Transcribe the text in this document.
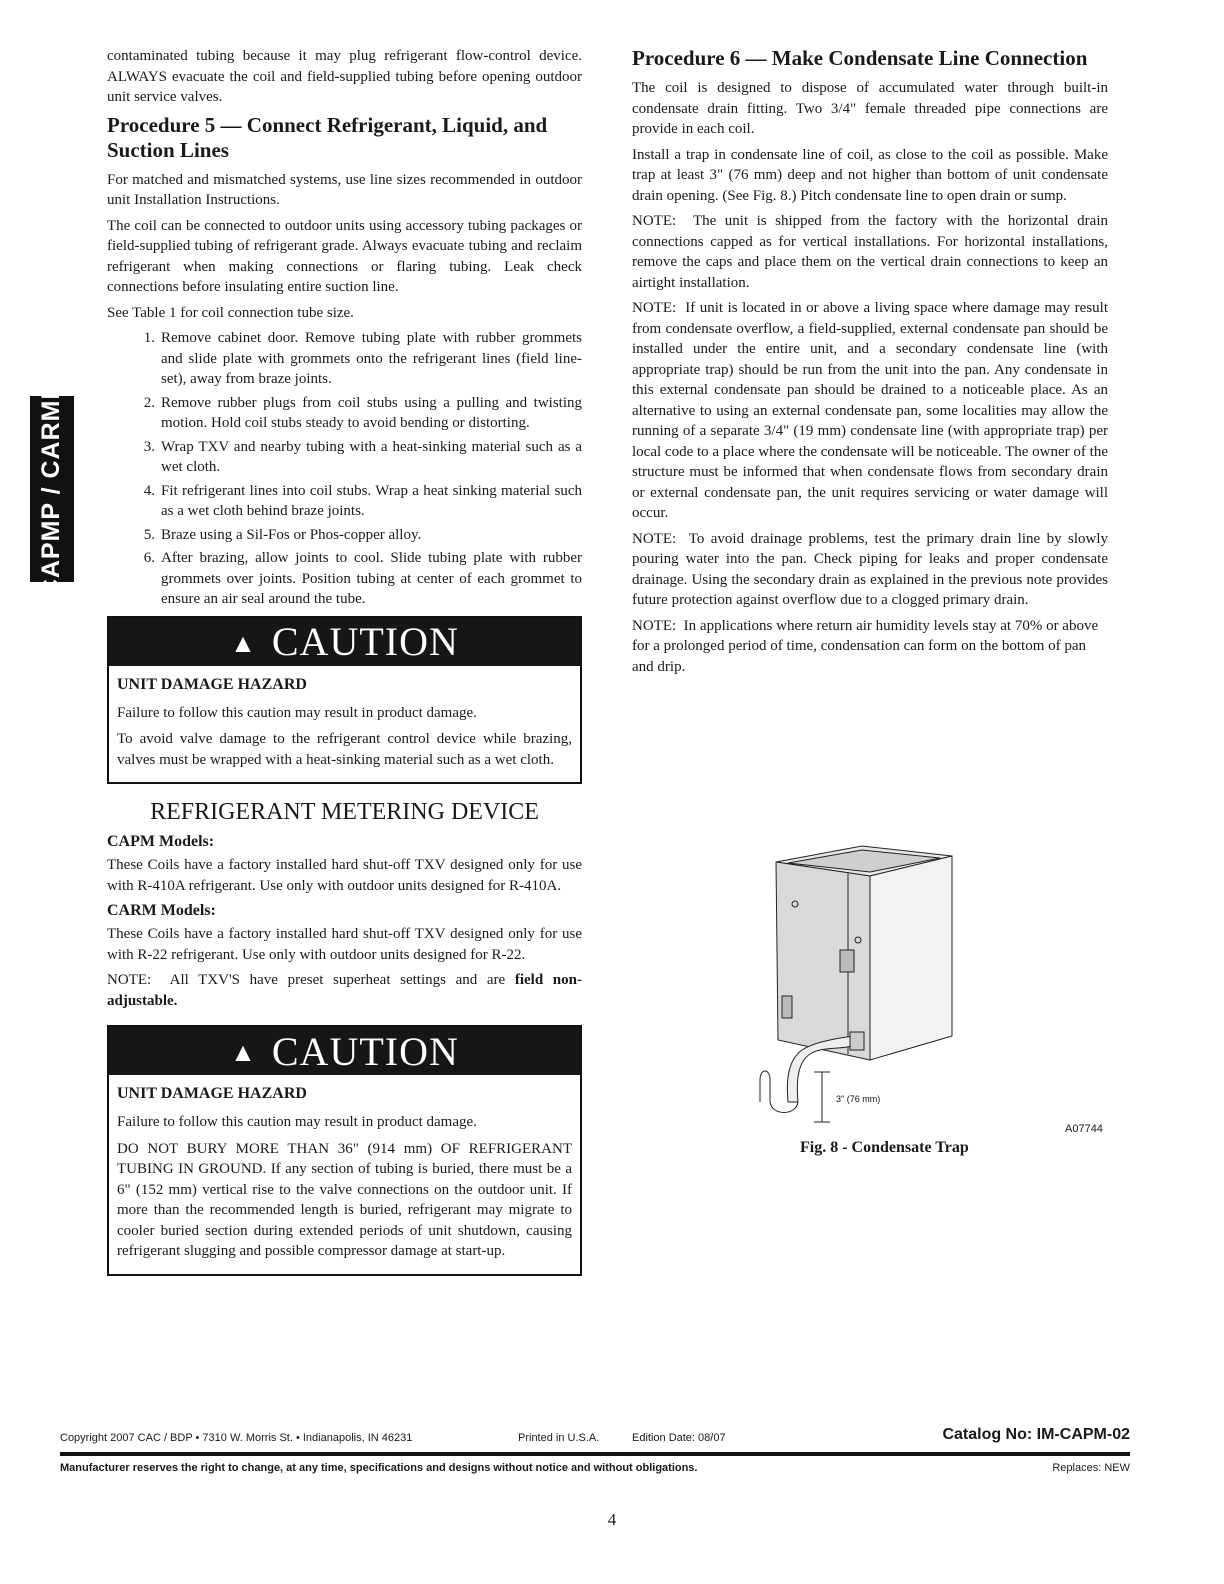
CAPMP / CARMP

contaminated tubing because it may plug refrigerant flow-control device. ALWAYS evacuate the coil and field-supplied tubing before opening outdoor unit service valves.

Procedure 5 — Connect Refrigerant, Liquid, and Suction Lines

For matched and mismatched systems, use line sizes recommended in outdoor unit Installation Instructions.

The coil can be connected to outdoor units using accessory tubing packages or field-supplied tubing of refrigerant grade. Always evacuate tubing and reclaim refrigerant when making connections or flaring tubing. Leak check connections before insulating entire suction line.

See Table 1 for coil connection tube size.

1. Remove cabinet door. Remove tubing plate with rubber grommets and slide plate with grommets onto the refrigerant lines (field line-set), away from braze joints.
2. Remove rubber plugs from coil stubs using a pulling and twisting motion. Hold coil stubs steady to avoid bending or distorting.
3. Wrap TXV and nearby tubing with a heat-sinking material such as a wet cloth.
4. Fit refrigerant lines into coil stubs. Wrap a heat sinking material such as a wet cloth behind braze joints.
5. Braze using a Sil-Fos or Phos-copper alloy.
6. After brazing, allow joints to cool. Slide tubing plate with rubber grommets over joints. Position tubing at center of each grommet to ensure an air seal around the tube.
▲ CAUTION
UNIT DAMAGE HAZARD

Failure to follow this caution may result in product damage.

To avoid valve damage to the refrigerant control device while brazing, valves must be wrapped with a heat-sinking material such as a wet cloth.

REFRIGERANT METERING DEVICE
CAPM Models:

These Coils have a factory installed hard shut-off TXV designed only for use with R-410A refrigerant. Use only with outdoor units designed for R-410A.

CARM Models:

These Coils have a factory installed hard shut-off TXV designed only for use with R-22 refrigerant. Use only with outdoor units designed for R-22.

NOTE: All TXV'S have preset superheat settings and are field non-adjustable.

▲ CAUTION
UNIT DAMAGE HAZARD

Failure to follow this caution may result in product damage.

DO NOT BURY MORE THAN 36" (914 mm) OF REFRIGERANT TUBING IN GROUND. If any section of tubing is buried, there must be a 6" (152 mm) vertical rise to the valve connections on the outdoor unit. If more than the recommended length is buried, refrigerant may migrate to cooler buried section during extended periods of unit shutdown, causing refrigerant slugging and possible compressor damage at start-up.

Procedure 6 — Make Condensate Line Connection

The coil is designed to dispose of accumulated water through built-in condensate drain fitting. Two 3/4" female threaded pipe connections are provide in each coil.

Install a trap in condensate line of coil, as close to the coil as possible. Make trap at least 3" (76 mm) deep and not higher than bottom of unit condensate drain opening. (See Fig. 8.) Pitch condensate line to open drain or sump.

NOTE: The unit is shipped from the factory with the horizontal drain connections capped as for vertical installations. For horizontal installations, remove the caps and place them on the vertical drain connections to keep an airtight installation.

NOTE: If unit is located in or above a living space where damage may result from condensate overflow, a field-supplied, external condensate pan should be installed under the entire unit, and a secondary condensate line (with appropriate trap) should be run from the unit into the pan. Any condensate in this external condensate pan should be drained to a noticeable place. As an alternative to using an external condensate pan, some localities may allow the running of a separate 3/4" (19 mm) condensate line (with appropriate trap) per local code to a place where the condensate will be noticeable. The owner of the structure must be informed that when condensate flows from secondary drain or external condensate pan, the unit requires servicing or water damage will occur.

NOTE: To avoid drainage problems, test the primary drain line by slowly pouring water into the pan. Check piping for leaks and proper condensate drainage. Using the secondary drain as explained in the previous note provides future protection against overflow due to a clogged primary drain.

NOTE: In applications where return air humidity levels stay at 70% or above for a prolonged period of time, condensation can form on the bottom of pan and drip.

3" (76 mm)
A07744
Fig. 8 - Condensate Trap
Copyright 2007 CAC / BDP • 7310 W. Morris St. • Indianapolis, IN 46231	Printed in U.S.A.	Edition Date: 08/07	Catalog No: IM-CAPM-02
Manufacturer reserves the right to change, at any time, specifications and designs without notice and without obligations.	Replaces: NEW
4
